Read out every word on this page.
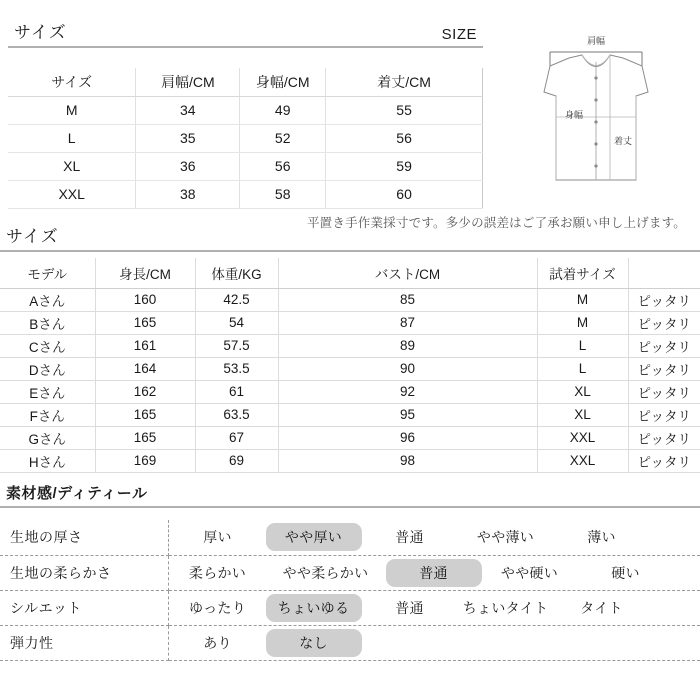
サイズ	SIZE
サイズ	肩幅/CM	身幅/CM	着丈/CM
M	34	49	55
L	35	52	56
XL	36	56	59
XXL	38	58	60
平置き手作業採寸です。多少の誤差はご了承お願い申し上げます。
肩幅
身幅
着丈
サイズ
モデル	身長/CM	体重/KG	バスト/CM	試着サイズ	
Aさん	160	42.5	85	M	ピッタリ
Bさん	165	54	87	M	ピッタリ
Cさん	161	57.5	89	L	ピッタリ
Dさん	164	53.5	90	L	ピッタリ
Eさん	162	61	92	XL	ピッタリ
Fさん	165	63.5	95	XL	ピッタリ
Gさん	165	67	96	XXL	ピッタリ
Hさん	169	69	98	XXL	ピッタリ
素材感/ディティール
生地の厚さ	厚い やや厚い 普通 やや薄い 薄い

生地の柔らかさ	柔らかい やや柔らかい 普通 やや硬い 硬い

シルエット	ゆったり ちょいゆる 普通 ちょいタイト タイト

弾力性	あり なし
